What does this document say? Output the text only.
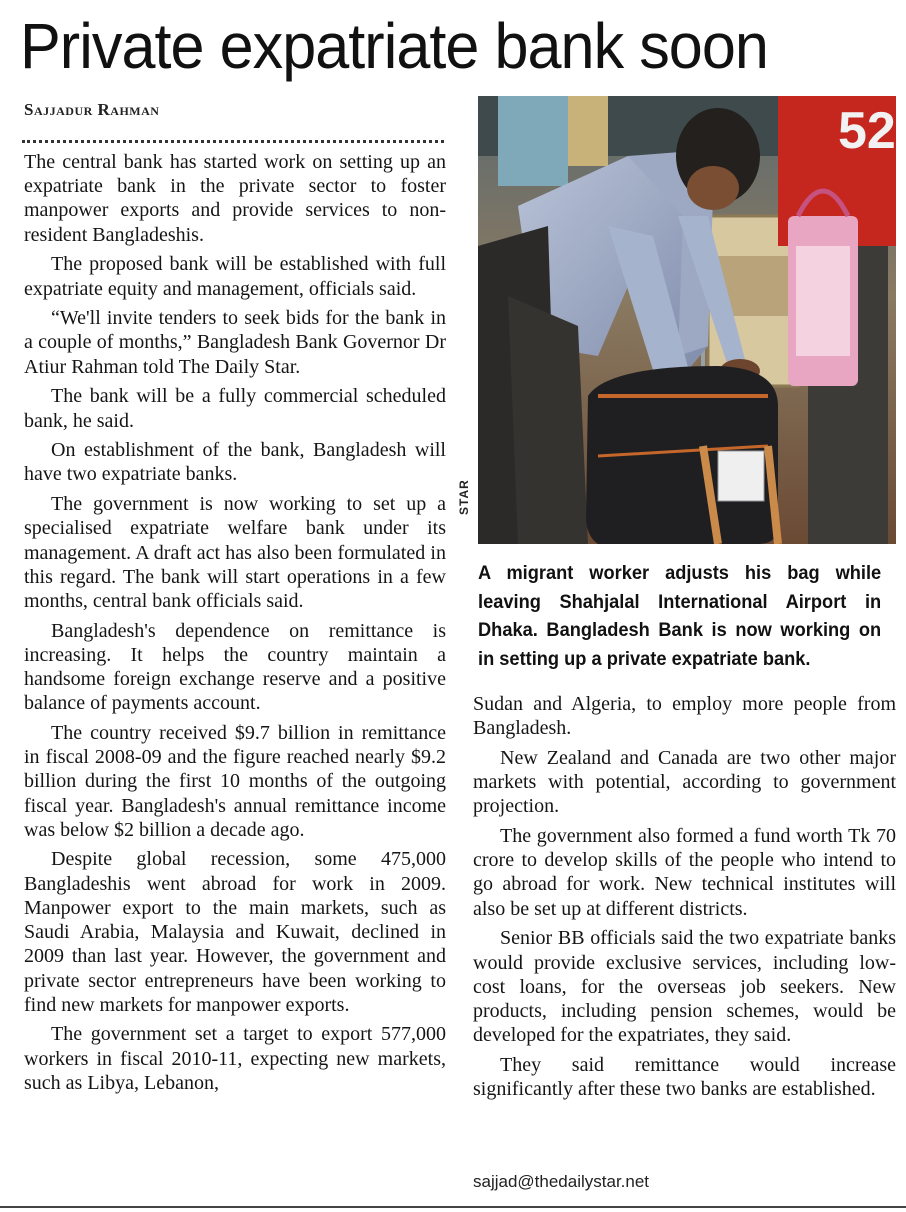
Private expatriate bank soon
Sajjadur Rahman

The central bank has started work on setting up an expatriate bank in the private sector to foster manpower exports and provide services to non-resident Bangladeshis.

The proposed bank will be established with full expatriate equity and management, officials said.

“We'll invite tenders to seek bids for the bank in a couple of months,” Bangladesh Bank Governor Dr Atiur Rahman told The Daily Star.

The bank will be a fully commercial scheduled bank, he said.

On establishment of the bank, Bangladesh will have two expatriate banks.

The government is now working to set up a specialised expatriate welfare bank under its management. A draft act has also been formulated in this regard. The bank will start operations in a few months, central bank officials said.

Bangladesh's dependence on remittance is increasing. It helps the country maintain a handsome foreign exchange reserve and a positive balance of payments account.

The country received $9.7 billion in remittance in fiscal 2008-09 and the figure reached nearly $9.2 billion during the first 10 months of the outgoing fiscal year. Bangladesh's annual remittance income was below $2 billion a decade ago.

Despite global recession, some 475,000 Bangladeshis went abroad for work in 2009. Manpower export to the main markets, such as Saudi Arabia, Malaysia and Kuwait, declined in 2009 than last year. However, the government and private sector entrepreneurs have been working to find new markets for manpower exports.

The government set a target to export 577,000 workers in fiscal 2010-11, expecting new markets, such as Libya, Lebanon,

52
STAR
A migrant worker adjusts his bag while leaving Shahjalal International Airport in Dhaka. Bangladesh Bank is now working on in setting up a private expatriate bank.

Sudan and Algeria, to employ more people from Bangladesh.

New Zealand and Canada are two other major markets with potential, according to government projection.

The government also formed a fund worth Tk 70 crore to develop skills of the people who intend to go abroad for work. New technical institutes will also be set up at different districts.

Senior BB officials said the two expatriate banks would provide exclusive services, including low-cost loans, for the overseas job seekers. New products, including pension schemes, would be developed for the expatriates, they said.

They said remittance would increase significantly after these two banks are established.

sajjad@thedailystar.net
